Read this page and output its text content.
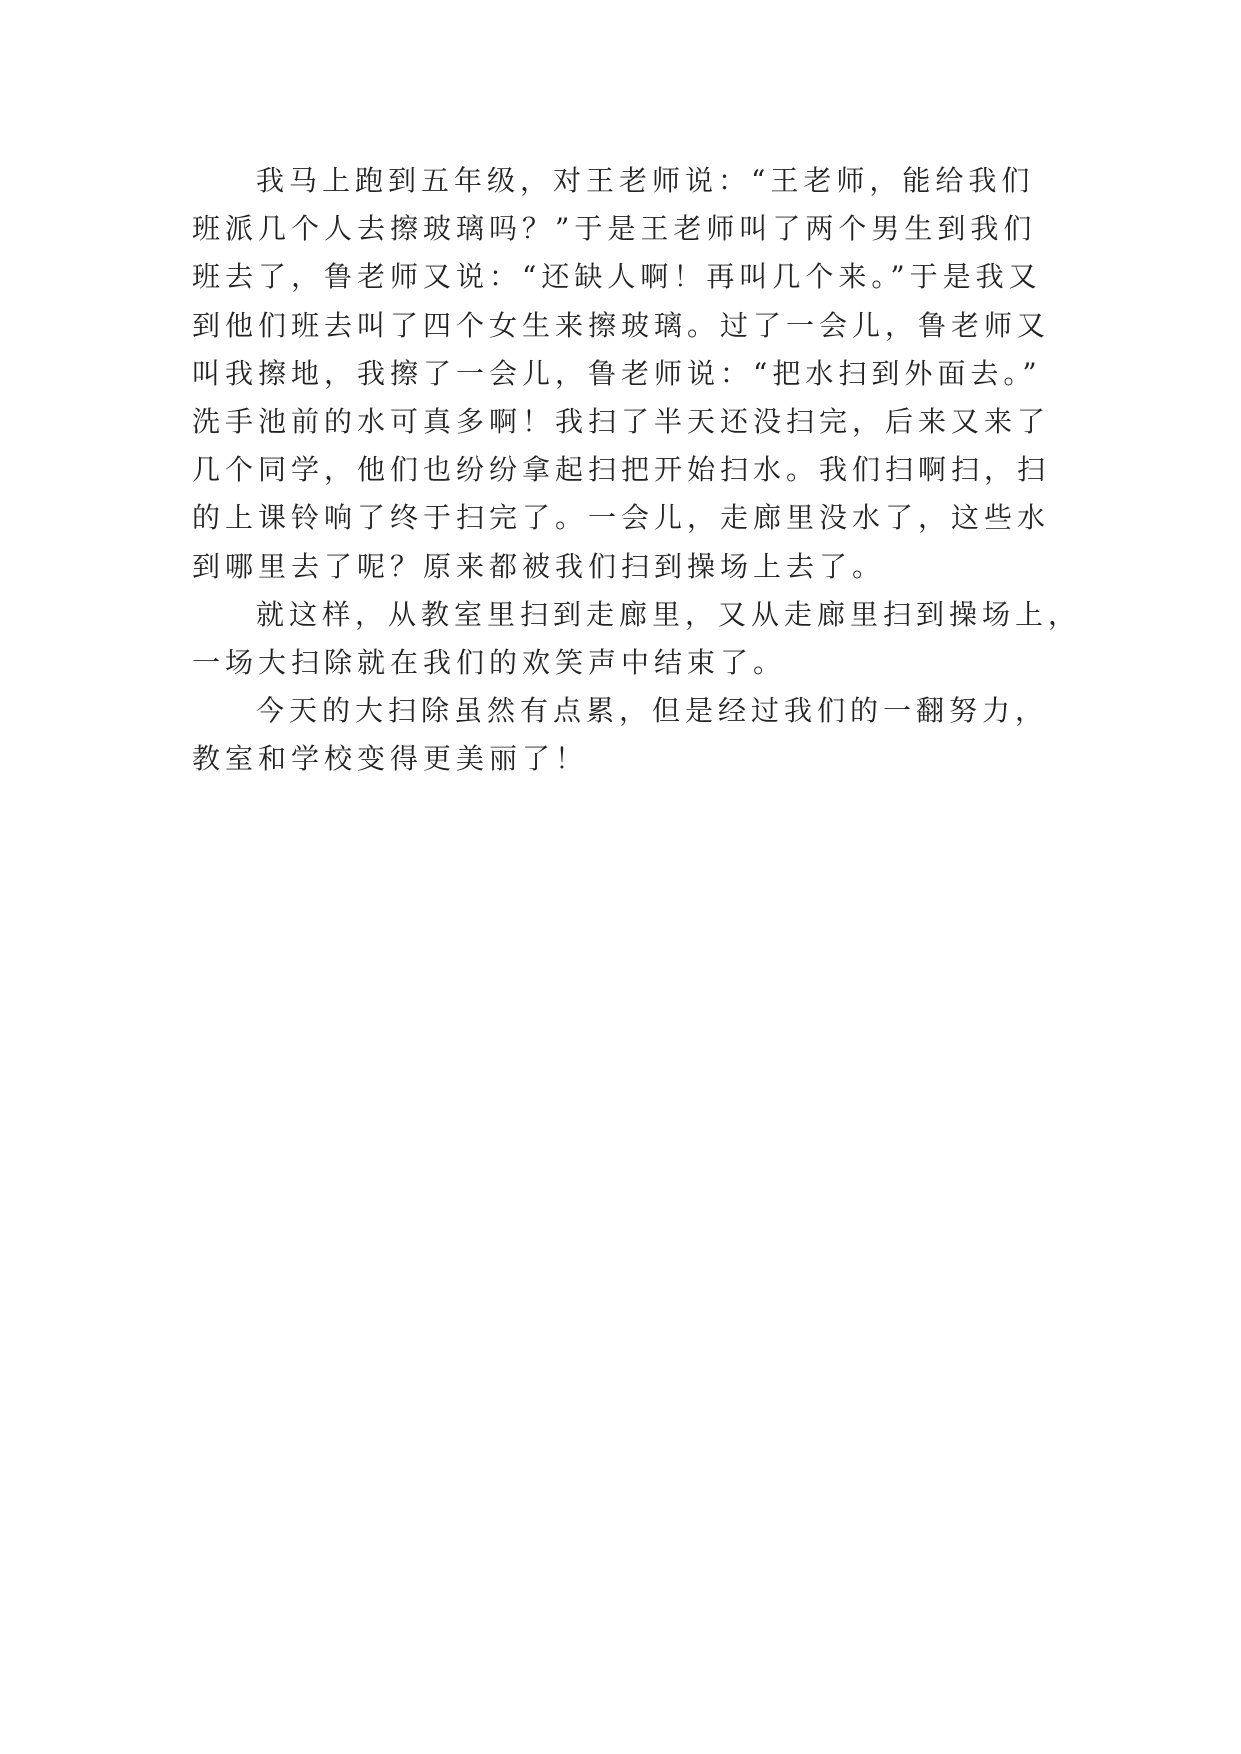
我马上跑到五年级，对王老师说：“王老师，能给我们
班派几个人去擦玻璃吗？”于是王老师叫了两个男生到我们
班去了，鲁老师又说：“还缺人啊！再叫几个来。”于是我又
到他们班去叫了四个女生来擦玻璃。过了一会儿，鲁老师又
叫我擦地，我擦了一会儿，鲁老师说：“把水扫到外面去。”
洗手池前的水可真多啊！我扫了半天还没扫完，后来又来了
几个同学，他们也纷纷拿起扫把开始扫水。我们扫啊扫，扫
的上课铃响了终于扫完了。一会儿，走廊里没水了，这些水
到哪里去了呢？原来都被我们扫到操场上去了。
就这样，从教室里扫到走廊里，又从走廊里扫到操场上，
一场大扫除就在我们的欢笑声中结束了。
今天的大扫除虽然有点累，但是经过我们的一翻努力，
教室和学校变得更美丽了！
